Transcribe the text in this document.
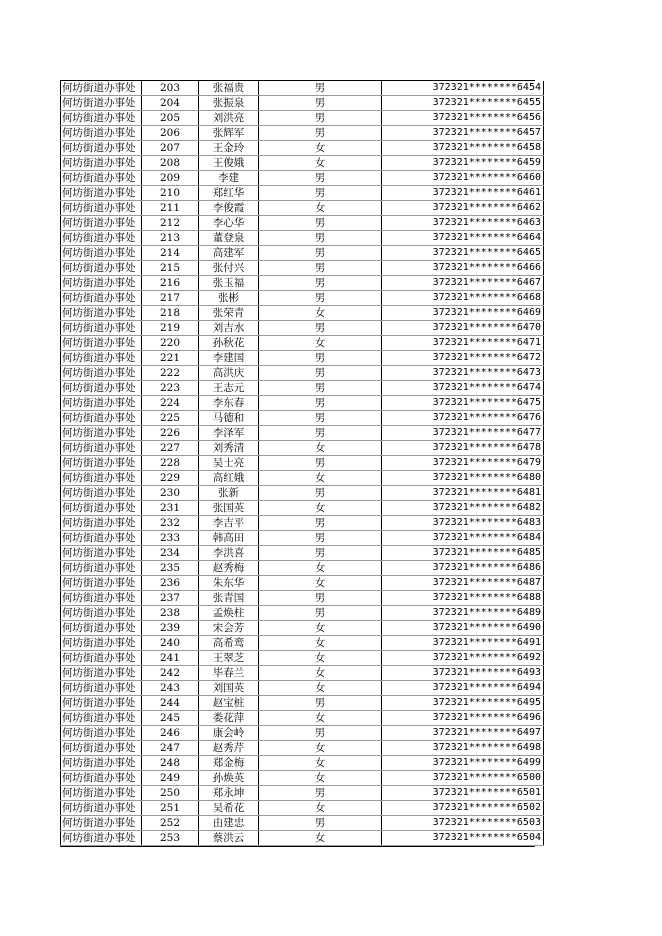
何坊街道办事处	203	张福贵	男	372321********6454
何坊街道办事处	204	张振泉	男	372321********6455
何坊街道办事处	205	刘洪亮	男	372321********6456
何坊街道办事处	206	张辉军	男	372321********6457
何坊街道办事处	207	王金玲	女	372321********6458
何坊街道办事处	208	王俊娥	女	372321********6459
何坊街道办事处	209	李建	男	372321********6460
何坊街道办事处	210	郑红华	男	372321********6461
何坊街道办事处	211	李俊霞	女	372321********6462
何坊街道办事处	212	李心华	男	372321********6463
何坊街道办事处	213	董登泉	男	372321********6464
何坊街道办事处	214	高建军	男	372321********6465
何坊街道办事处	215	张付兴	男	372321********6466
何坊街道办事处	216	张玉福	男	372321********6467
何坊街道办事处	217	张彬	男	372321********6468
何坊街道办事处	218	张荣青	女	372321********6469
何坊街道办事处	219	刘吉水	男	372321********6470
何坊街道办事处	220	孙秋花	女	372321********6471
何坊街道办事处	221	李建国	男	372321********6472
何坊街道办事处	222	高洪庆	男	372321********6473
何坊街道办事处	223	王志元	男	372321********6474
何坊街道办事处	224	李东春	男	372321********6475
何坊街道办事处	225	马德和	男	372321********6476
何坊街道办事处	226	李泽军	男	372321********6477
何坊街道办事处	227	刘秀清	女	372321********6478
何坊街道办事处	228	吴士亮	男	372321********6479
何坊街道办事处	229	高红娥	女	372321********6480
何坊街道办事处	230	张新	男	372321********6481
何坊街道办事处	231	张国英	女	372321********6482
何坊街道办事处	232	李吉平	男	372321********6483
何坊街道办事处	233	韩高田	男	372321********6484
何坊街道办事处	234	李洪喜	男	372321********6485
何坊街道办事处	235	赵秀梅	女	372321********6486
何坊街道办事处	236	朱东华	女	372321********6487
何坊街道办事处	237	张青国	男	372321********6488
何坊街道办事处	238	孟焕柱	男	372321********6489
何坊街道办事处	239	宋会芳	女	372321********6490
何坊街道办事处	240	高希鸾	女	372321********6491
何坊街道办事处	241	王翠芝	女	372321********6492
何坊街道办事处	242	毕春兰	女	372321********6493
何坊街道办事处	243	刘国英	女	372321********6494
何坊街道办事处	244	赵宝桩	男	372321********6495
何坊街道办事处	245	娄花萍	女	372321********6496
何坊街道办事处	246	康会岭	男	372321********6497
何坊街道办事处	247	赵秀芹	女	372321********6498
何坊街道办事处	248	郑金梅	女	372321********6499
何坊街道办事处	249	孙焕英	女	372321********6500
何坊街道办事处	250	郑永坤	男	372321********6501
何坊街道办事处	251	吴希花	女	372321********6502
何坊街道办事处	252	由建忠	男	372321********6503
何坊街道办事处	253	蔡洪云	女	372321********6504
